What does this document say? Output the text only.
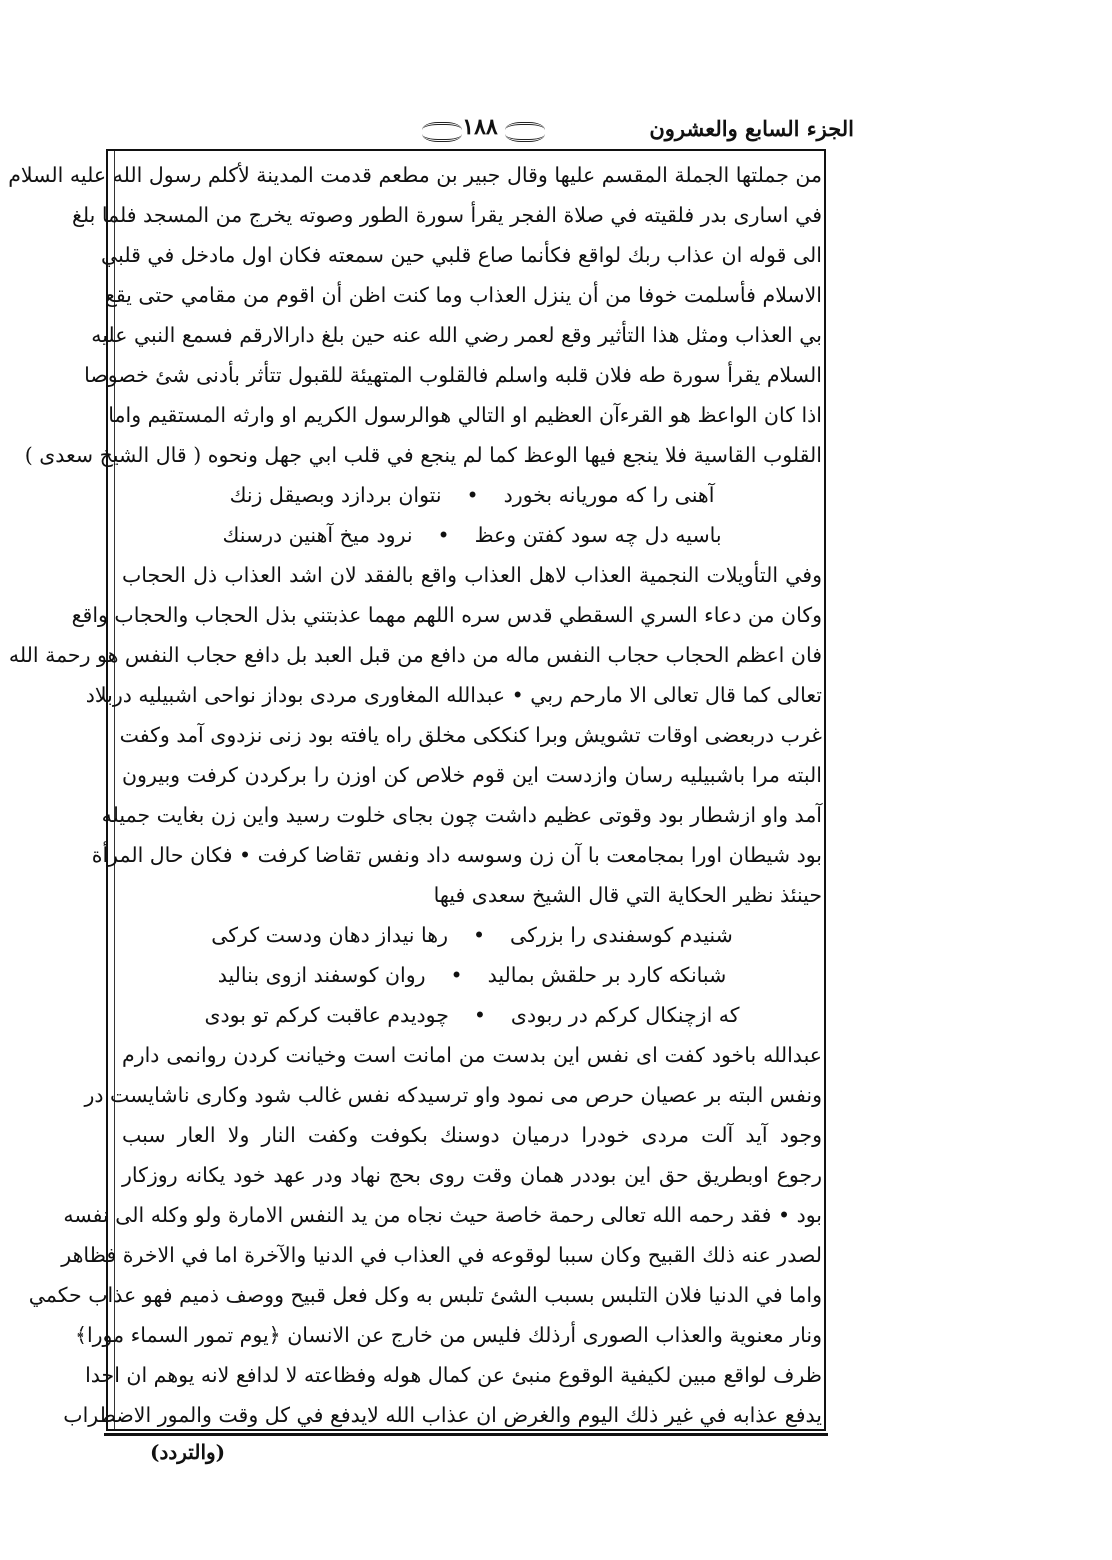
الجزء السابع والعشرون
١٨٨
من جملتها الجملة المقسم عليها وقال جبير بن مطعم قدمت المدينة لأكلم رسول الله عليه السلام
في اسارى بدر فلقيته في صلاة الفجر يقرأ سورة الطور وصوته يخرج من المسجد فلما بلغ
الى قوله ان عذاب ربك لواقع فكأنما صاع قلبي حين سمعته فكان اول مادخل في قلبي
الاسلام فأسلمت خوفا من أن ينزل العذاب وما كنت اظن أن اقوم من مقامي حتى يقع
بي العذاب ومثل هذا التأثير وقع لعمر رضي الله عنه حين بلغ دارالارقم فسمع النبي عليه
السلام يقرأ سورة طه فلان قلبه واسلم فالقلوب المتهيئة للقبول تتأثر بأدنى شئ خصوصا
اذا كان الواعظ هو القرءآن العظيم او التالي هوالرسول الكريم او وارثه المستقيم واما
القلوب القاسية فلا ينجع فيها الوعظ كما لم ينجع في قلب ابي جهل ونحوه ( قال الشيخ سعدى )
آهنى را كه موريانه بخورد
•
نتوان بردازد وبصيقل زنك
باسيه دل چه سود كفتن وعظ
•
نرود ميخ آهنين درسنك
وفي التأويلات النجمية العذاب لاهل العذاب واقع بالفقد لان اشد العذاب ذل الحجاب
وكان من دعاء السري السقطي قدس سره اللهم مهما عذبتني بذل الحجاب والحجاب واقع
فان اعظم الحجاب حجاب النفس ماله من دافع من قبل العبد بل دافع حجاب النفس هو رحمة الله
تعالى كما قال تعالى الا مارحم ربي • عبدالله المغاورى مردى بوداز نواحى اشبيليه دربلاد
غرب دربعضى اوقات تشويش وبرا كنككى مخلق راه يافته بود زنى نزدوى آمد وكفت
البته مرا باشبيليه رسان وازدست اين قوم خلاص كن اوزن را بركردن كرفت وبيرون
آمد واو ازشطار بود وقوتى عظيم داشت چون بجاى خلوت رسيد واين زن بغايت جميله
بود شيطان اورا بمجامعت با آن زن وسوسه داد ونفس تقاضا كرفت • فكان حال المرأة
حينئذ نظير الحكاية التي قال الشيخ سعدى فيها
شنيدم كوسفندى را بزركى
•
رها نيداز دهان ودست كركى
شبانكه كارد بر حلقش بماليد
•
روان كوسفند ازوى بناليد
كه ازچنكال كركم در ربودى
•
چوديدم عاقبت كركم تو بودى
عبدالله باخود كفت اى نفس اين بدست من امانت است وخيانت كردن روانمى دارم
ونفس البته بر عصيان حرص مى نمود واو ترسيدكه نفس غالب شود وكارى ناشايست در
وجود آيد آلت مردى خودرا درميان دوسنك بكوفت وكفت النار ولا العار سبب
رجوع اوبطريق حق اين بوددر همان وقت روى بحج نهاد ودر عهد خود يكانه روزكار
بود • فقد رحمه الله تعالى رحمة خاصة حيث نجاه من يد النفس الامارة ولو وكله الى نفسه
لصدر عنه ذلك القبيح وكان سببا لوقوعه في العذاب في الدنيا والآخرة اما في الاخرة فظاهر
واما في الدنيا فلان التلبس بسبب الشئ تلبس به وكل فعل قبيح ووصف ذميم فهو عذاب حكمي
ونار معنوية والعذاب الصورى أرذلك فليس من خارج عن الانسان ﴿يوم تمور السماء مورا﴾
ظرف لواقع مبين لكيفية الوقوع منبئ عن كمال هوله وفظاعته لا لدافع لانه يوهم ان احدا
يدفع عذابه في غير ذلك اليوم والغرض ان عذاب الله لايدفع في كل وقت والمور الاضطراب
(والتردد)
